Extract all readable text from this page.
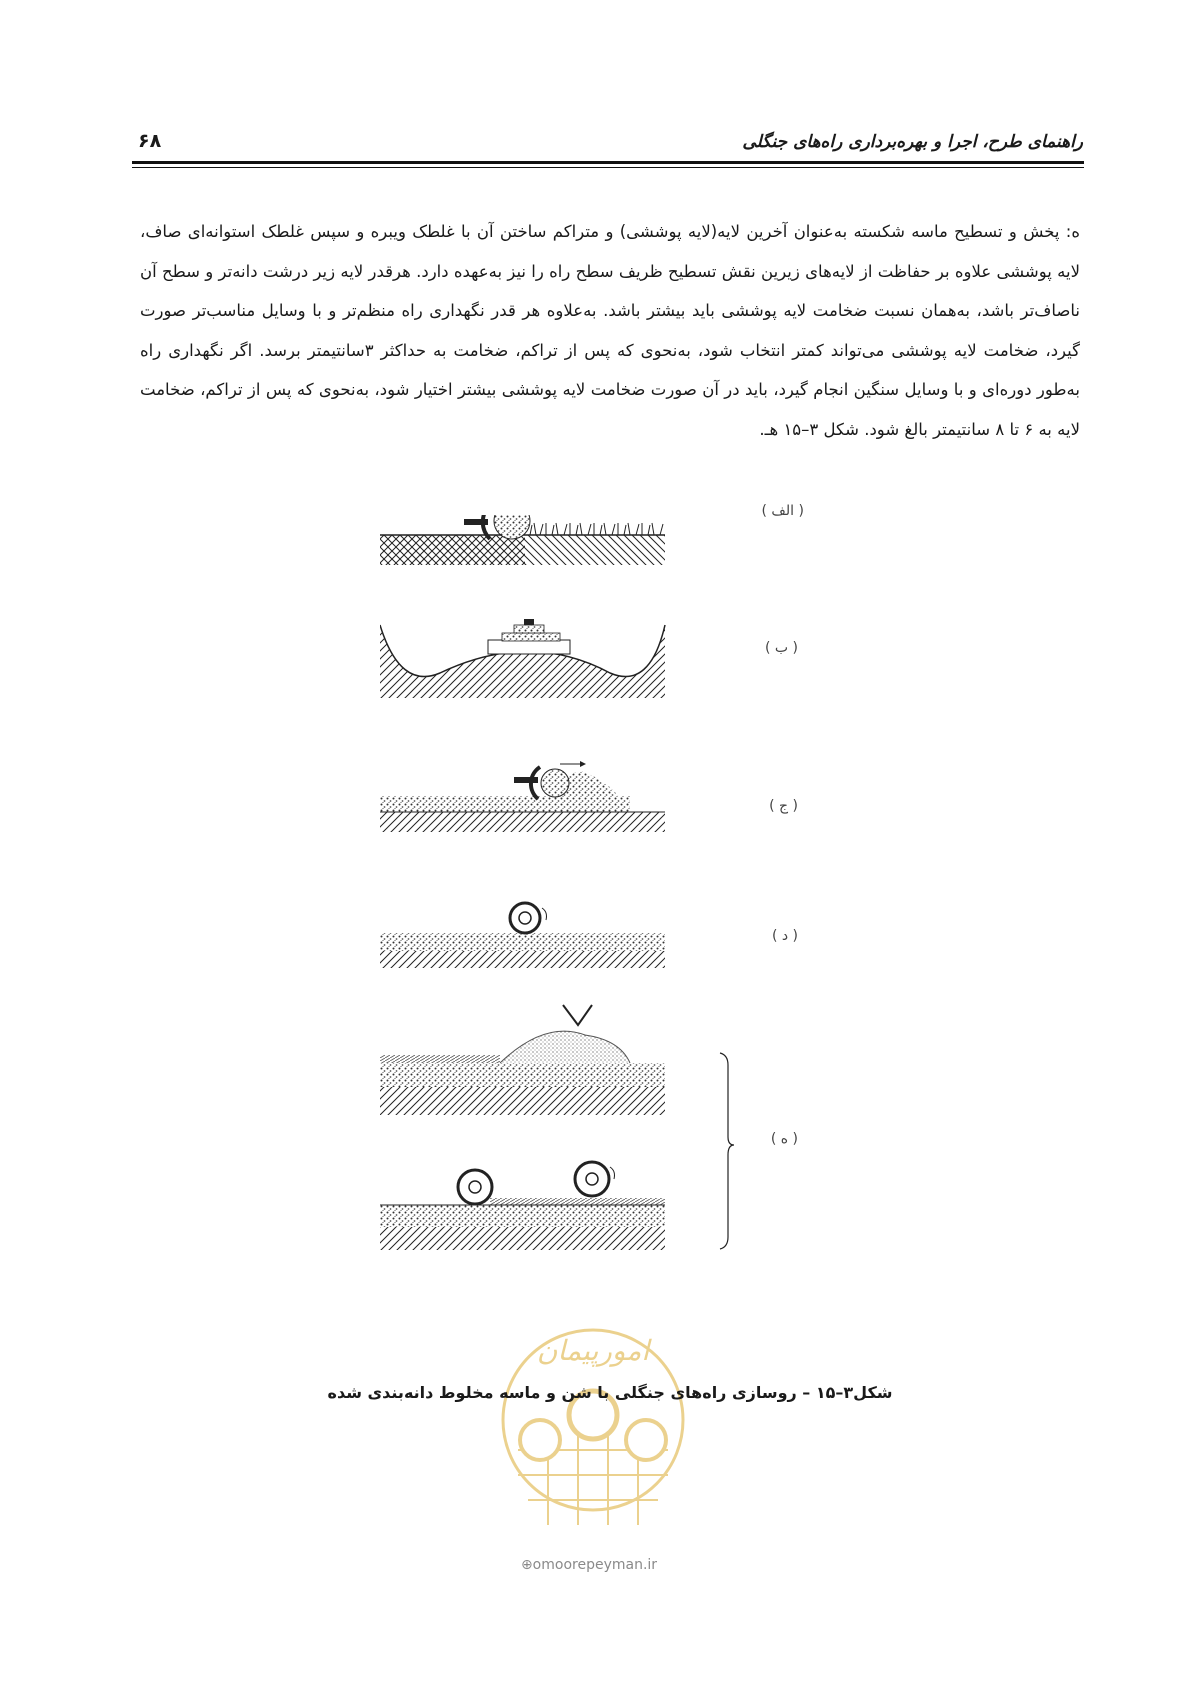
راهنمای طرح، اجرا و بهره‌برداری راه‌های جنگلی
۶۸

ه: پخش و تسطیح ماسه شکسته به‌عنوان آخرین لایه(لایه پوششی) و متراکم ساختن آن با غلطک ویبره و سپس غلطک استوانه‌ای صاف، لایه پوششی علاوه بر حفاظت از لایه‌های زیرین نقش تسطیح ظریف سطح راه را نیز به‌عهده دارد. هرقدر لایه زیر درشت دانه‌تر و سطح آن ناصاف‌تر باشد، به‌همان نسبت ضخامت لایه پوششی باید بیشتر باشد. به‌علاوه هر قدر نگهداری راه منظم‌تر و با وسایل مناسب‌تر صورت گیرد، ضخامت لایه پوششی می‌تواند کمتر انتخاب شود، به‌نحوی که پس از تراکم، ضخامت به حداکثر ۳سانتیمتر برسد. اگر نگهداری راه به‌طور دوره‌ای و با وسایل سنگین انجام گیرد، باید در آن صورت ضخامت لایه پوششی بیشتر اختیار شود، به‌نحوی که پس از تراکم، ضخامت لایه به ۶ تا ۸ سانتیمتر بالغ شود. شکل ۳–۱۵ هـ.

( الف )
( ب )
( ج )
( د )
( ه )
امورپیمان
⊕omoorepeyman.ir
شکل۳–۱۵ – روسازی راه‌های جنگلی با شن و ماسه مخلوط دانه‌بندی شده
